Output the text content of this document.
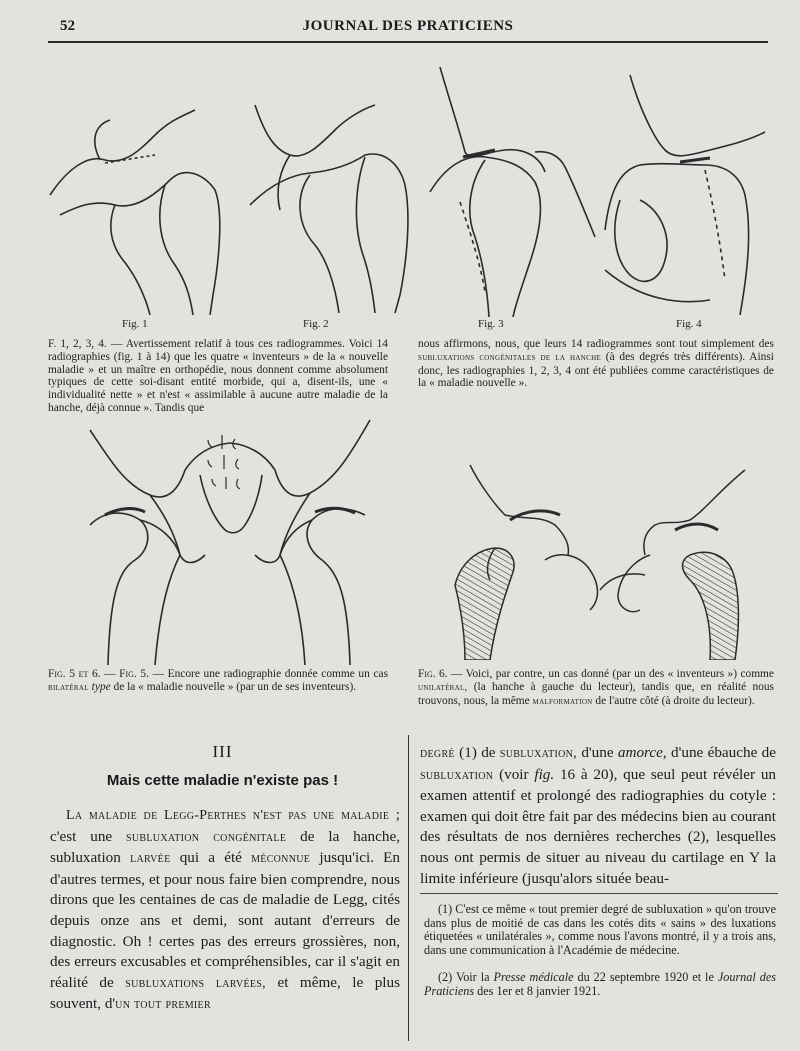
52	JOURNAL DES PRATICIENS
Fig. 1	Fig. 2	Fig. 3	Fig. 4
F. 1, 2, 3, 4. — Avertissement relatif à tous ces radiogrammes. Voici 14 radiographies (fig. 1 à 14) que les quatre « inventeurs » de la « nouvelle maladie » et un maître en orthopédie, nous donnent comme absolument typiques de cette soi-disant entité morbide, qui a, disent-ils, une « individualité nette » et n'est « assimilable à aucune autre maladie de la hanche, déjà connue ». Tandis que
nous affirmons, nous, que leurs 14 radiogrammes sont tout simplement des subluxations congénitales de la hanche (à des degrés très différents). Ainsi donc, les radiographies 1, 2, 3, 4 ont été publiées comme caractéristiques de la « maladie nouvelle ».
Fig. 5 et 6. — Fig. 5. — Encore une radiographie donnée comme un cas bilatéral type de la « maladie nouvelle » (par un de ses inventeurs).
Fig. 6. — Voici, par contre, un cas donné (par un des « inventeurs ») comme unilatéral, (la hanche à gauche du lecteur), tandis que, en réalité nous trouvons, nous, la même malformation de l'autre côté (à droite du lecteur).
III
Mais cette maladie n'existe pas !
La maladie de Legg-Perthes n'est pas une maladie ; c'est une subluxation congénitale de la hanche, subluxation larvée qui a été méconnue jusqu'ici. En d'autres termes, et pour nous faire bien comprendre, nous dirons que les centaines de cas de maladie de Legg, cités depuis onze ans et demi, sont autant d'erreurs de diagnostic. Oh ! certes pas des erreurs grossières, non, des erreurs excusables et compréhensibles, car il s'agit en réalité de subluxations larvées, et même, le plus souvent, d'un tout premier
degré (1) de subluxation, d'une amorce, d'une ébauche de subluxation (voir fig. 16 à 20), que seul peut révéler un examen attentif et prolongé des radiographies du cotyle : examen qui doit être fait par des médecins bien au courant des résultats de nos dernières recherches (2), lesquelles nous ont permis de situer au niveau du cartilage en Y la limite inférieure (jusqu'alors située beau-
(1) C'est ce même « tout premier degré de subluxation » qu'on trouve dans plus de moitié de cas dans les cotés dits « sains » des luxations étiquetées « unilatérales », comme nous l'avons montré, il y a trois ans, dans une communication à l'Académie de médecine.
(2) Voir la Presse médicale du 22 septembre 1920 et le Journal des Praticiens des 1er et 8 janvier 1921.
